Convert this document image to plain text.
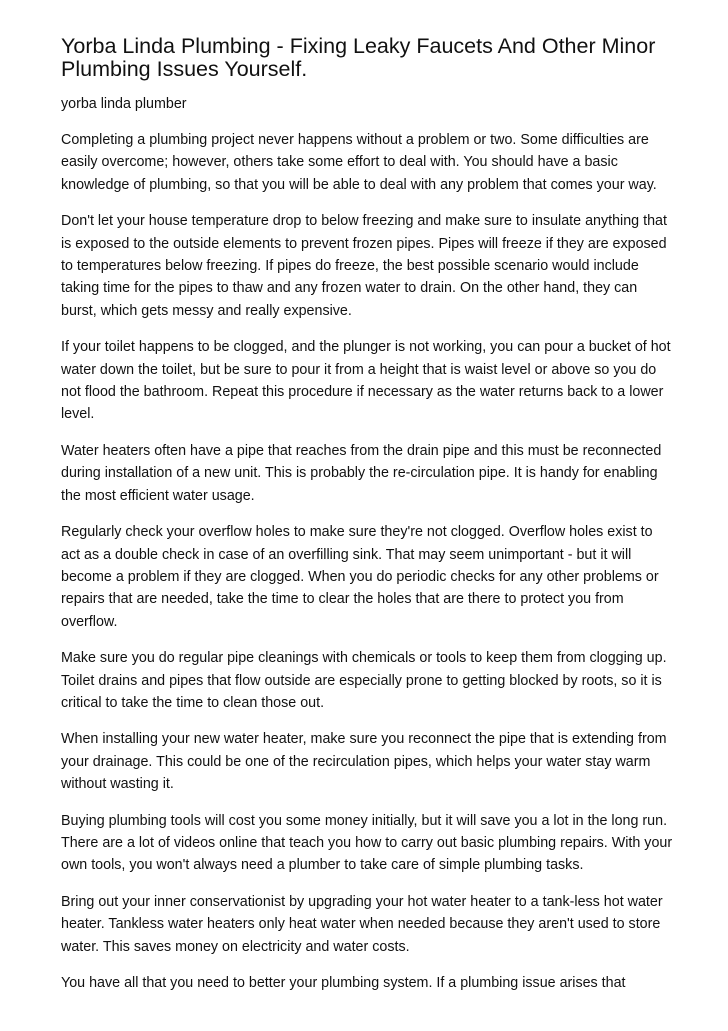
Yorba Linda Plumbing - Fixing Leaky Faucets And Other Minor Plumbing Issues Yourself.

yorba linda plumber

Completing a plumbing project never happens without a problem or two. Some difficulties are easily overcome; however, others take some effort to deal with. You should have a basic knowledge of plumbing, so that you will be able to deal with any problem that comes your way.

Don't let your house temperature drop to below freezing and make sure to insulate anything that is exposed to the outside elements to prevent frozen pipes. Pipes will freeze if they are exposed to temperatures below freezing. If pipes do freeze, the best possible scenario would include taking time for the pipes to thaw and any frozen water to drain. On the other hand, they can burst, which gets messy and really expensive.

If your toilet happens to be clogged, and the plunger is not working, you can pour a bucket of hot water down the toilet, but be sure to pour it from a height that is waist level or above so you do not flood the bathroom. Repeat this procedure if necessary as the water returns back to a lower level.

Water heaters often have a pipe that reaches from the drain pipe and this must be reconnected during installation of a new unit. This is probably the re-circulation pipe. It is handy for enabling the most efficient water usage.

Regularly check your overflow holes to make sure they're not clogged. Overflow holes exist to act as a double check in case of an overfilling sink. That may seem unimportant - but it will become a problem if they are clogged. When you do periodic checks for any other problems or repairs that are needed, take the time to clear the holes that are there to protect you from overflow.

Make sure you do regular pipe cleanings with chemicals or tools to keep them from clogging up. Toilet drains and pipes that flow outside are especially prone to getting blocked by roots, so it is critical to take the time to clean those out.

When installing your new water heater, make sure you reconnect the pipe that is extending from your drainage. This could be one of the recirculation pipes, which helps your water stay warm without wasting it.

Buying plumbing tools will cost you some money initially, but it will save you a lot in the long run. There are a lot of videos online that teach you how to carry out basic plumbing repairs. With your own tools, you won't always need a plumber to take care of simple plumbing tasks.

Bring out your inner conservationist by upgrading your hot water heater to a tank-less hot water heater. Tankless water heaters only heat water when needed because they aren't used to store water. This saves money on electricity and water costs.

You have all that you need to better your plumbing system. If a plumbing issue arises that
